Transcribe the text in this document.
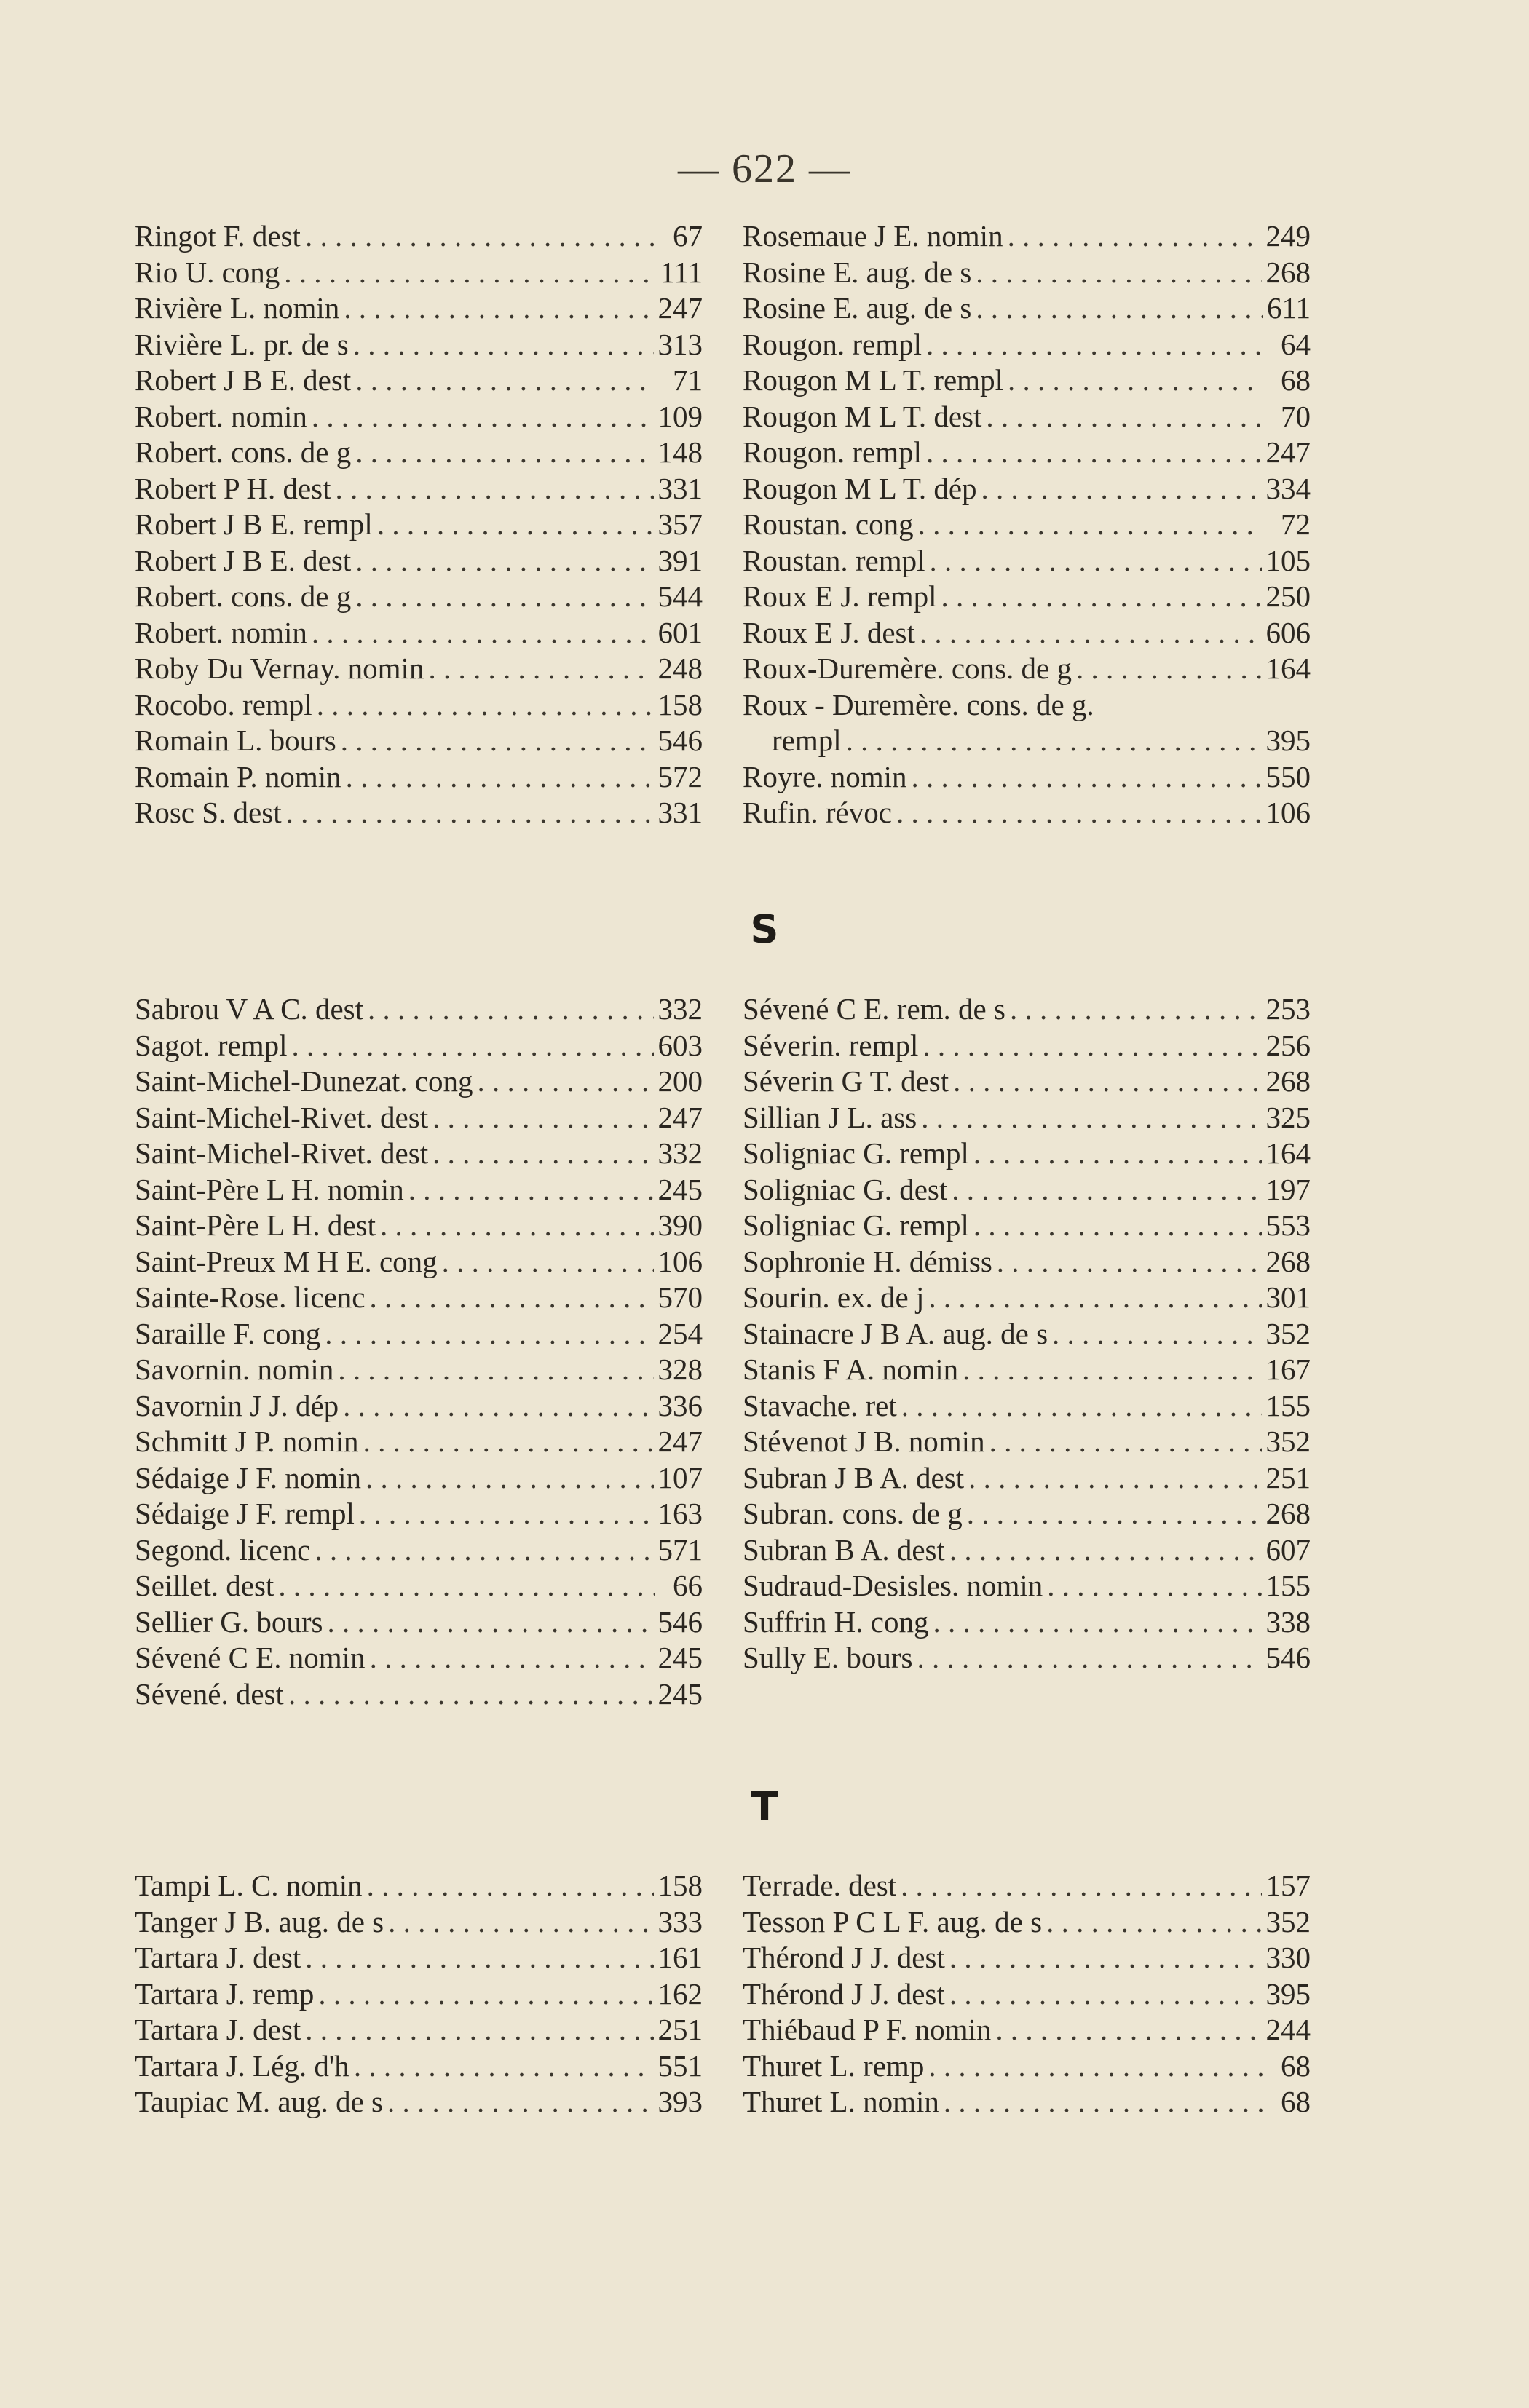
— 622 —
Ringot F. dest . . .	67
Rio U. cong . . .	111
Rivière L. nomin . . .	247
Rivière L. pr. de s . . .	313
Robert J B E. dest . . .	71
Robert. nomin . . .	109
Robert. cons. de g . . .	148
Robert P H. dest . . .	331
Robert J B E. rempl . . .	357
Robert J B E. dest . . .	391
Robert. cons. de g . . .	544
Robert. nomin . . .	601
Roby Du Vernay. nomin . . .	248
Rocobo. rempl . . .	158
Romain L. bours . . .	546
Romain P. nomin . . .	572
Rosc S. dest . . .	331
Rosemaue J E. nomin . . .	249
Rosine E. aug. de s . . .	268
Rosine E. aug. de s . . .	611
Rougon. rempl . . .	64
Rougon M L T. rempl . . .	68
Rougon M L T. dest . . .	70
Rougon. rempl . . .	247
Rougon M L T. dép . . .	334
Roustan. cong . . .	72
Roustan. rempl . . .	105
Roux E J. rempl . . .	250
Roux E J. dest . . .	606
Roux-Duremère. cons. de g . . .	164
Roux - Duremère. cons. de g.
rempl . . .	395
Royre. nomin . . .	550
Rufin. révoc . . .	106
S
Sabrou V A C. dest . . .	332
Sagot. rempl . . .	603
Saint-Michel-Dunezat. cong . . .	200
Saint-Michel-Rivet. dest . . .	247
Saint-Michel-Rivet. dest . . .	332
Saint-Père L H. nomin . . .	245
Saint-Père L H. dest . . .	390
Saint-Preux M H E. cong . . .	106
Sainte-Rose. licenc . . .	570
Saraille F. cong . . .	254
Savornin. nomin . . .	328
Savornin J J. dép . . .	336
Schmitt J P. nomin . . .	247
Sédaige J F. nomin . . .	107
Sédaige J F. rempl . . .	163
Segond. licenc . . .	571
Seillet. dest . . .	66
Sellier G. bours . . .	546
Sévené C E. nomin . . .	245
Sévené. dest . . .	245
Sévené C E. rem. de s . . .	253
Séverin. rempl . . .	256
Séverin G T. dest . . .	268
Sillian J L. ass . . .	325
Soligniac G. rempl . . .	164
Soligniac G. dest . . .	197
Soligniac G. rempl . . .	553
Sophronie H. démiss . . .	268
Sourin. ex. de j . . .	301
Stainacre J B A. aug. de s . . .	352
Stanis F A. nomin . . .	167
Stavache. ret . . .	155
Stévenot J B. nomin . . .	352
Subran J B A. dest . . .	251
Subran. cons. de g . . .	268
Subran B A. dest . . .	607
Sudraud-Desisles. nomin . . .	155
Suffrin H. cong . . .	338
Sully E. bours . . .	546
T
Tampi L. C. nomin . . .	158
Tanger J B. aug. de s . . .	333
Tartara J. dest . . .	161
Tartara J. remp . . .	162
Tartara J. dest . . .	251
Tartara J. Lég. d'h . . .	551
Taupiac M. aug. de s . . .	393
Terrade. dest . . .	157
Tesson P C L F. aug. de s . . .	352
Thérond J J. dest . . .	330
Thérond J J. dest . . .	395
Thiébaud P F. nomin . . .	244
Thuret L. remp . . .	68
Thuret L. nomin . . .	68
